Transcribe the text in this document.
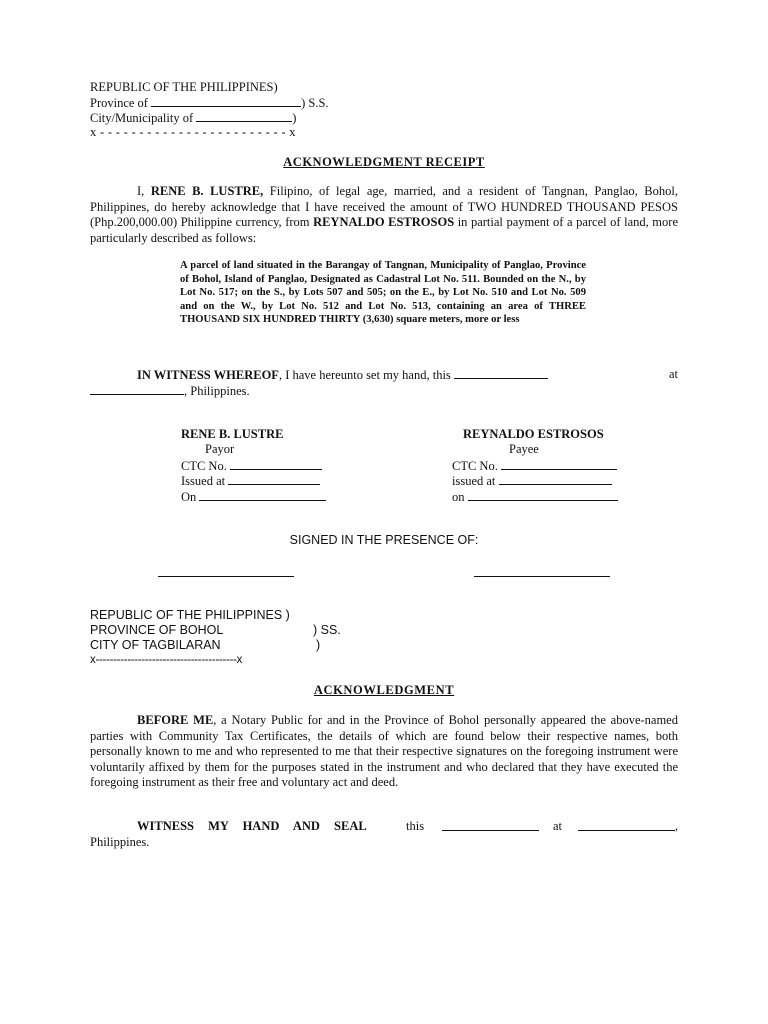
REPUBLIC OF THE PHILIPPINES)
Province of	) S.S.
City/Municipality of	)
x - - - - - - - - - - - - - - - - - - - - - - - - x
ACKNOWLEDGMENT RECEIPT

I, RENE B. LUSTRE, Filipino, of legal age, married, and a resident of Tangnan, Panglao, Bohol, Philippines, do hereby acknowledge that I have received the amount of TWO HUNDRED THOUSAND PESOS (Php.200,000.00) Philippine currency, from REYNALDO ESTROSOS in partial payment of a parcel of land, more particularly described as follows:

A parcel of land situated in the Barangay of Tangnan, Municipality of Panglao, Province of Bohol, Island of Panglao, Designated as Cadastral Lot No. 511. Bounded on the N., by Lot No. 517; on the S., by Lots 507 and 505; on the E., by Lot No. 510 and Lot No. 509 and on the W., by Lot No. 512 and Lot No. 513, containing an area of THREE THOUSAND SIX HUNDRED THIRTY (3,630) square meters, more or less

IN WITNESS WHEREOF, I have hereunto set my hand, this	at
, Philippines.
RENE B. LUSTRE
Payor
CTC No.
Issued at
On
REYNALDO ESTROSOS
Payee
CTC No.
issued at
on
SIGNED IN THE PRESENCE OF:
REPUBLIC OF THE PHILIPPINES )
PROVINCE OF BOHOL	) SS.
CITY OF TAGBILARAN	)
x----------------------------------------x
ACKNOWLEDGMENT

BEFORE ME, a Notary Public for and in the Province of Bohol personally appeared the above-named parties with Community Tax Certificates, the details of which are found below their respective names, both personally known to me and who represented to me that their respective signatures on the foregoing instrument were voluntarily affixed by them for the purposes stated in the instrument and who declared that they have executed the foregoing instrument as their free and voluntary act and deed.

WITNESS MY HAND AND SEAL	this	at	,
Philippines.
